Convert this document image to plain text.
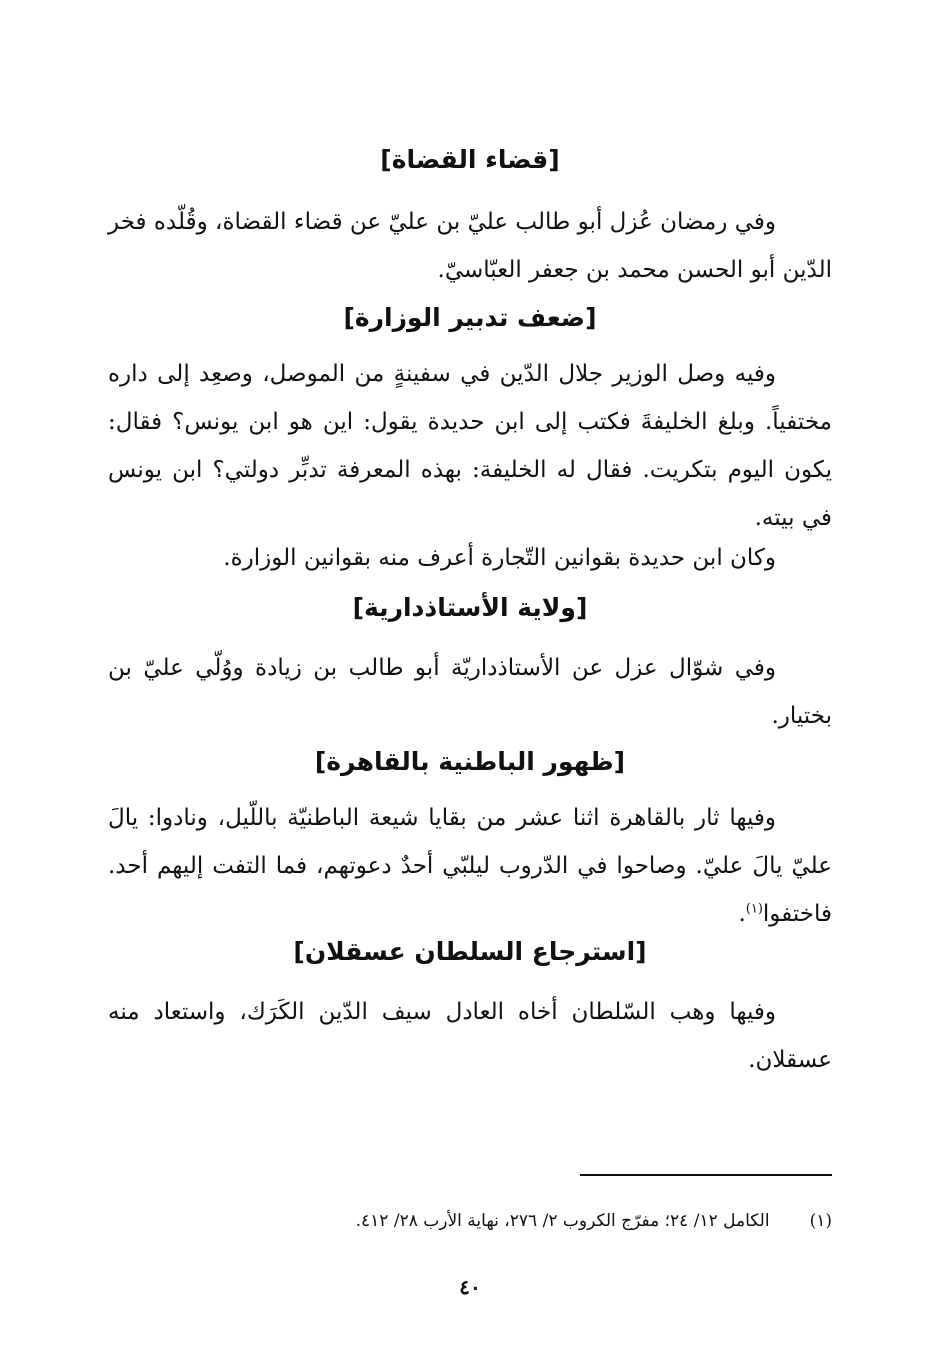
[قضاء القضاة]

وفي رمضان عُزل أبو طالب عليّ بن عليّ عن قضاء القضاة، وقُلّده فخر الدّين أبو الحسن محمد بن جعفر العبّاسيّ.

[ضعف تدبير الوزارة]

وفيه وصل الوزير جلال الدّين في سفينةٍ من الموصل، وصعِد إلى داره مختفياً. وبلغ الخليفةَ فكتب إلى ابن حديدة يقول: اين هو ابن يونس؟ فقال: يكون اليوم بتكريت. فقال له الخليفة: بهذه المعرفة تدبِّر دولتي؟ ابن يونس في بيته.

وكان ابن حديدة بقوانين التّجارة أعرف منه بقوانين الوزارة.

[ولاية الأستاذدارية]

وفي شوّال عزل عن الأستاذداريّة أبو طالب بن زيادة ووُلّي عليّ بن بختيار.

[ظهور الباطنية بالقاهرة]

وفيها ثار بالقاهرة اثنا عشر من بقايا شيعة الباطنيّة باللّيل، ونادوا: يالَ عليّ يالَ عليّ. وصاحوا في الدّروب ليلبّي أحدٌ دعوتهم، فما التفت إليهم أحد. فاختفوا$^{(١)}$.

[استرجاع السلطان عسقلان]

وفيها وهب السّلطان أخاه العادل سيف الدّين الكَرَك، واستعاد منه عسقلان.

(١)الكامل ١٢/ ٢٤؛ مفرّج الكروب ٢/ ٢٧٦، نهاية الأرب ٢٨/ ٤١٢.

٤٠
